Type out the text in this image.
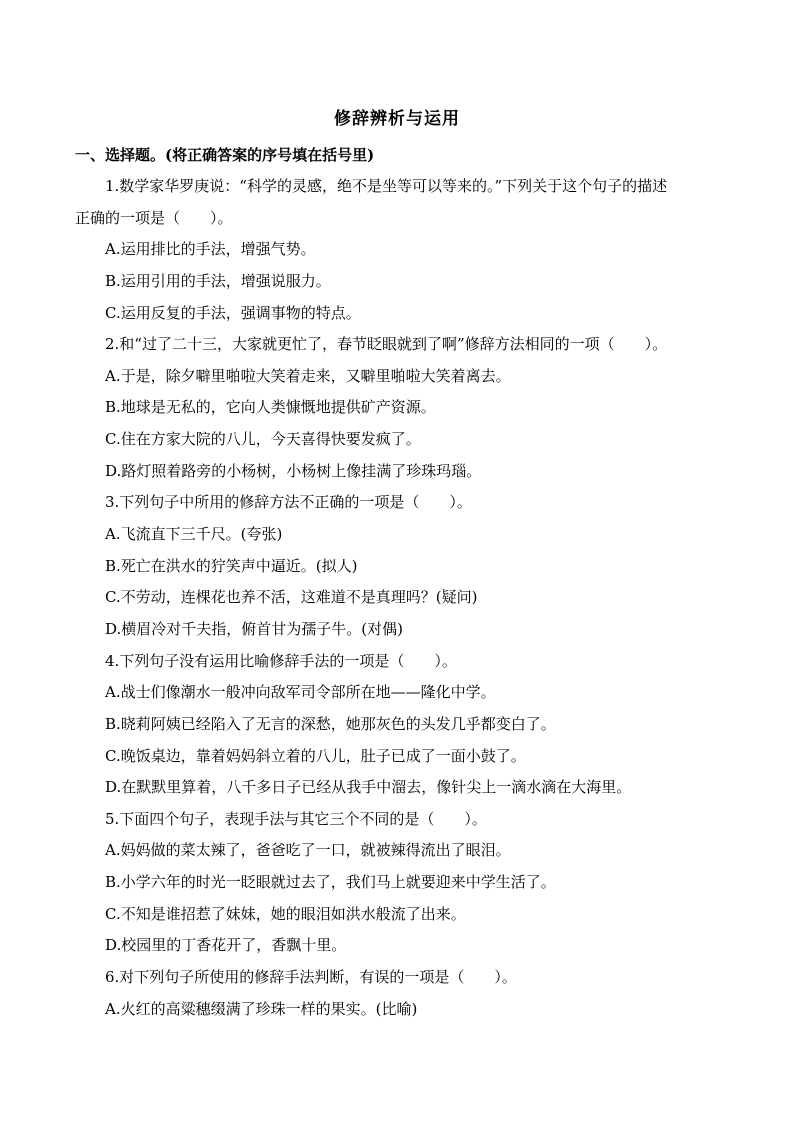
修辞辨析与运用
一、选择题。(将正确答案的序号填在括号里)
1.数学家华罗庚说：“科学的灵感，绝不是坐等可以等来的。”下列关于这个句子的描述
正确的一项是（　　）。
A.运用排比的手法，增强气势。
B.运用引用的手法，增强说服力。
C.运用反复的手法，强调事物的特点。
2.和“过了二十三，大家就更忙了，春节眨眼就到了啊”修辞方法相同的一项（　　）。
A.于是，除夕噼里啪啦大笑着走来，又噼里啪啦大笑着离去。
B.地球是无私的，它向人类慷慨地提供矿产资源。
C.住在方家大院的八儿，今天喜得快要发疯了。
D.路灯照着路旁的小杨树，小杨树上像挂满了珍珠玛瑙。
3.下列句子中所用的修辞方法不正确的一项是（　　）。
A.飞流直下三千尺。(夸张)
B.死亡在洪水的狞笑声中逼近。(拟人)
C.不劳动，连棵花也养不活，这难道不是真理吗？(疑问)
D.横眉冷对千夫指，俯首甘为孺子牛。(对偶)
4.下列句子没有运用比喻修辞手法的一项是（　　）。
A.战士们像潮水一般冲向敌军司令部所在地——隆化中学。
B.晓莉阿姨已经陷入了无言的深愁，她那灰色的头发几乎都变白了。
C.晚饭桌边，靠着妈妈斜立着的八儿，肚子已成了一面小鼓了。
D.在默默里算着，八千多日子已经从我手中溜去，像针尖上一滴水滴在大海里。
5.下面四个句子，表现手法与其它三个不同的是（　　）。
A.妈妈做的菜太辣了，爸爸吃了一口，就被辣得流出了眼泪。
B.小学六年的时光一眨眼就过去了，我们马上就要迎来中学生活了。
C.不知是谁招惹了妹妹，她的眼泪如洪水般流了出来。
D.校园里的丁香花开了，香飘十里。
6.对下列句子所使用的修辞手法判断，有误的一项是（　　）。
A.火红的高粱穗缀满了珍珠一样的果实。(比喻)
